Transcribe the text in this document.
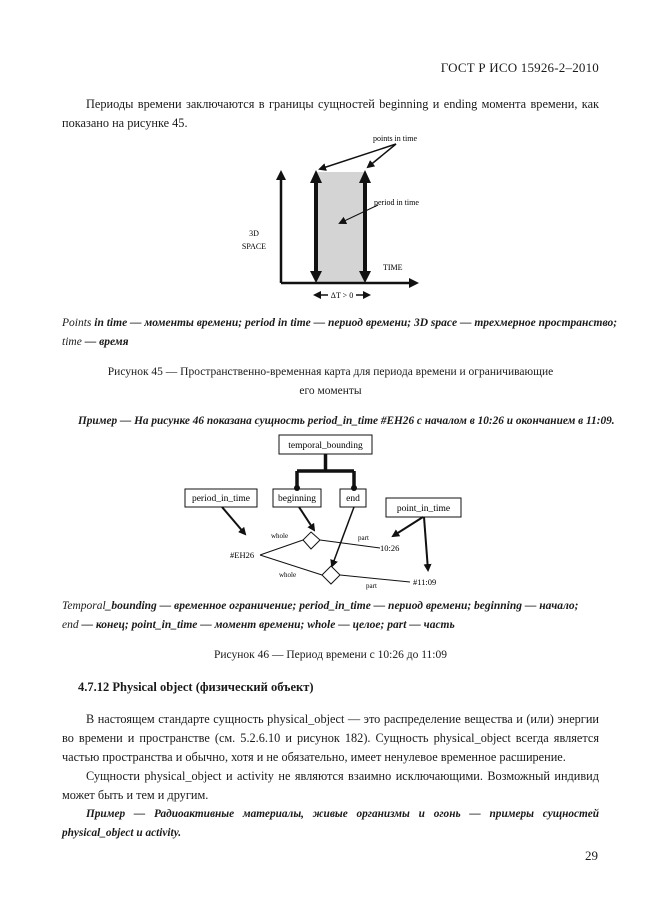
ГОСТ Р ИСО 15926-2–2010
Периоды времени заключаются в границы сущностей beginning и ending момента времени, как показано на рисунке 45.
points in time
period in time
3D
SPACE
TIME
ΔT > 0
Points in time — моменты времени; period in time — период времени; 3D space — трехмерное пространство;
time — время
Рисунок 45 — Пространственно-временная карта для периода времени и ограничивающие
его моменты
Пример — На рисунке 46 показана сущность period_in_time #EH26 с началом в 10:26 и окончанием в 11:09.
temporal_bounding
period_in_time	beginning	end
point_in_time
#EH26
10:26
#11:09
whole	part
whole
part
Temporal_bounding — временное ограничение; period_in_time — период времени; beginning — начало;
end — конец; point_in_time — момент времени; whole — целое; part — часть
Рисунок 46 — Период времени с 10:26 до 11:09
4.7.12 Physical object (физический объект)
В настоящем стандарте сущность physical_object — это распределение вещества и (или) энергии во времени и пространстве (см. 5.2.6.10 и рисунок 182). Сущность physical_object всегда является частью пространства и обычно, хотя и не обязательно, имеет ненулевое временное расширение.
Сущности physical_object и activity не являются взаимно исключающими. Возможный индивид может быть и тем и другим.
Пример — Радиоактивные материалы, живые организмы и огонь — примеры сущностей physical_object и activity.
29
